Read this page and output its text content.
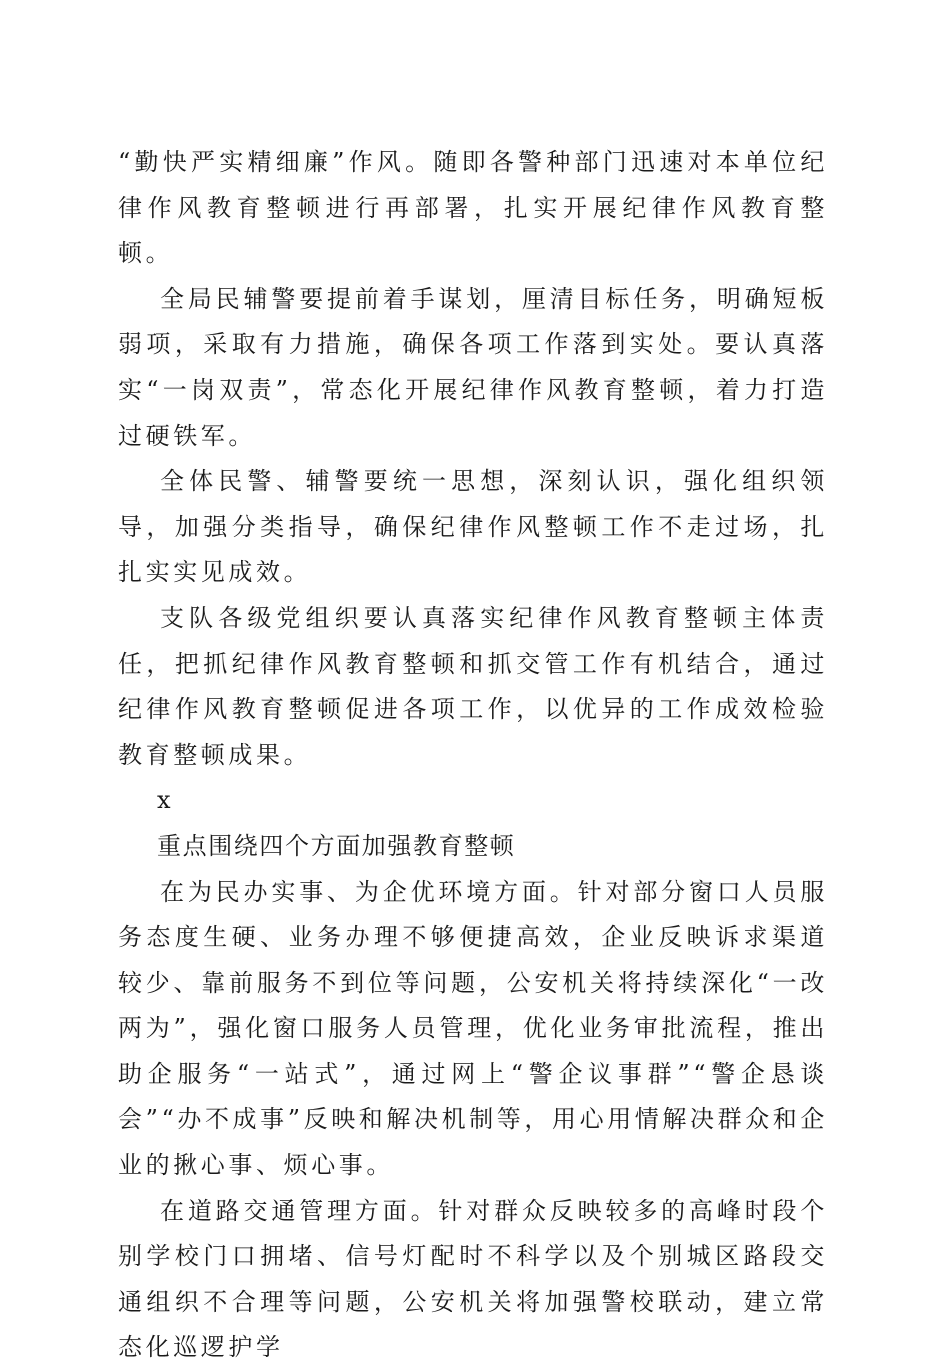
“勤快严实精细廉”作风。随即各警种部门迅速对本单位纪律作风教育整顿进行再部署，扎实开展纪律作风教育整顿。

全局民辅警要提前着手谋划，厘清目标任务，明确短板弱项，采取有力措施，确保各项工作落到实处。要认真落实“一岗双责”，常态化开展纪律作风教育整顿，着力打造过硬铁军。

全体民警、辅警要统一思想，深刻认识，强化组织领导，加强分类指导，确保纪律作风整顿工作不走过场，扎扎实实见成效。

支队各级党组织要认真落实纪律作风教育整顿主体责任，把抓纪律作风教育整顿和抓交管工作有机结合，通过纪律作风教育整顿促进各项工作，以优异的工作成效检验教育整顿成果。

x

重点围绕四个方面加强教育整顿

在为民办实事、为企优环境方面。针对部分窗口人员服务态度生硬、业务办理不够便捷高效，企业反映诉求渠道较少、靠前服务不到位等问题，公安机关将持续深化“一改两为”，强化窗口服务人员管理，优化业务审批流程，推出助企服务“一站式”，通过网上“警企议事群”“警企恳谈会”“办不成事”反映和解决机制等，用心用情解决群众和企业的揪心事、烦心事。

在道路交通管理方面。针对群众反映较多的高峰时段个别学校门口拥堵、信号灯配时不科学以及个别城区路段交通组织不合理等问题，公安机关将加强警校联动，建立常态化巡逻护学
